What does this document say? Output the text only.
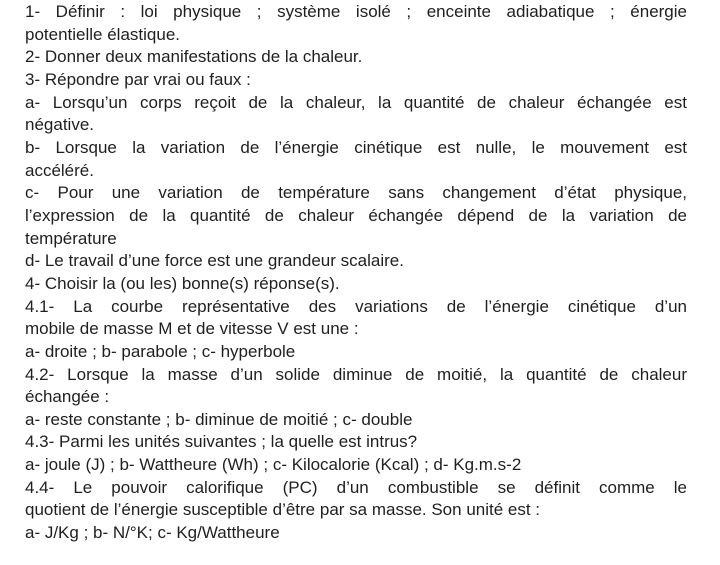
1- Définir : loi physique ; système isolé ; enceinte adiabatique ; énergie
potentielle élastique.
2- Donner deux manifestations de la chaleur.
3- Répondre par vrai ou faux :
a- Lorsqu’un corps reçoit de la chaleur, la quantité de chaleur échangée est
négative.
b- Lorsque la variation de l’énergie cinétique est nulle, le mouvement est
accéléré.
c- Pour une variation de température sans changement d’état physique,
l’expression de la quantité de chaleur échangée dépend de la variation de
température
d- Le travail d’une force est une grandeur scalaire.
4- Choisir la (ou les) bonne(s) réponse(s).
4.1- La courbe représentative des variations de l’énergie cinétique d’un
mobile de masse M et de vitesse V est une :
a- droite ; b- parabole ; c- hyperbole
4.2- Lorsque la masse d’un solide diminue de moitié, la quantité de chaleur
échangée :
a- reste constante ; b- diminue de moitié ; c- double
4.3- Parmi les unités suivantes ; la quelle est intrus?
a- joule (J) ; b- Wattheure (Wh) ; c- Kilocalorie (Kcal) ; d- Kg.m.s-2
4.4- Le pouvoir calorifique (PC) d’un combustible se définit comme le
quotient de l’énergie susceptible d’être par sa masse. Son unité est :
a- J/Kg ; b- N/°K; c- Kg/Wattheure
